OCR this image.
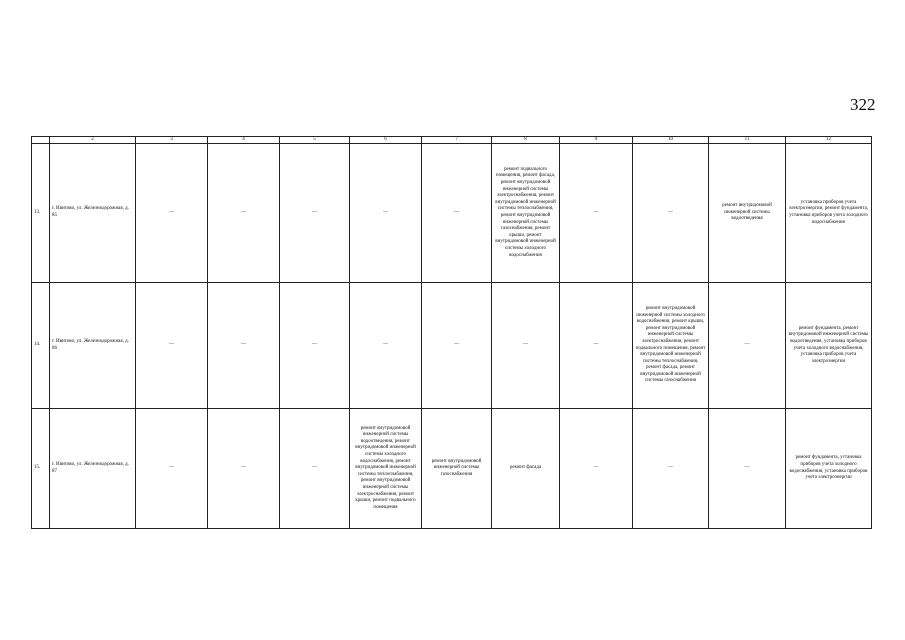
322
	2	3	4	5	6	7	8	9	10	11	12
13.	г. Ивитово, ул. Железнодорожная, д. 85	—	—	—	—	—	ремонт подвального помещения, ремонт фасада, ремонт внутридомовой инженерной системы электроснабжения, ремонт внутридомовой инженерной системы теплоснабжения, ремонт внутридомовой инженерной системы газоснабжения, ремонт крыши, ремонт внутридомовой инженерной системы холодного водоснабжения	—	—	ремонт внутридомовой инженерной системы водоотведения	установка приборов учета электроэнергии, ремонт фундамента, установка приборов учета холодного водоснабжения
14.	г. Ивитово, ул. Железнодорожная, д. 86	—	—	—	—	—	—	—	ремонт внутридомовой инженерной системы холодного водоснабжения, ремонт крыши, ремонт внутридомовой инженерной системы электроснабжения, ремонт подвального помещения, ремонт внутридомовой инженерной системы теплоснабжения, ремонт фасада, ремонт внутридомовой инженерной системы газоснабжения	—	ремонт фундамента, ремонт внутридомовой инженерной системы водоотведения, установка приборов учета холодного водоснабжения, установка приборов учета электроэнергии
15.	г. Ивитово, ул. Железнодорожная, д. 87	—	—	—	ремонт внутридомовой инженерной системы водоотведения, ремонт внутридомовой инженерной системы холодного водоснабжения, ремонт внутридомовой инженерной системы теплоснабжения, ремонт внутридомовой инженерной системы электроснабжения, ремонт крыши, ремонт подвального помещения	ремонт внутридомовой инженерной системы газоснабжения	ремонт фасада	—	—	—	ремонт фундамента, установка приборов учета холодного водоснабжения, установка приборов учета электроэнергии
